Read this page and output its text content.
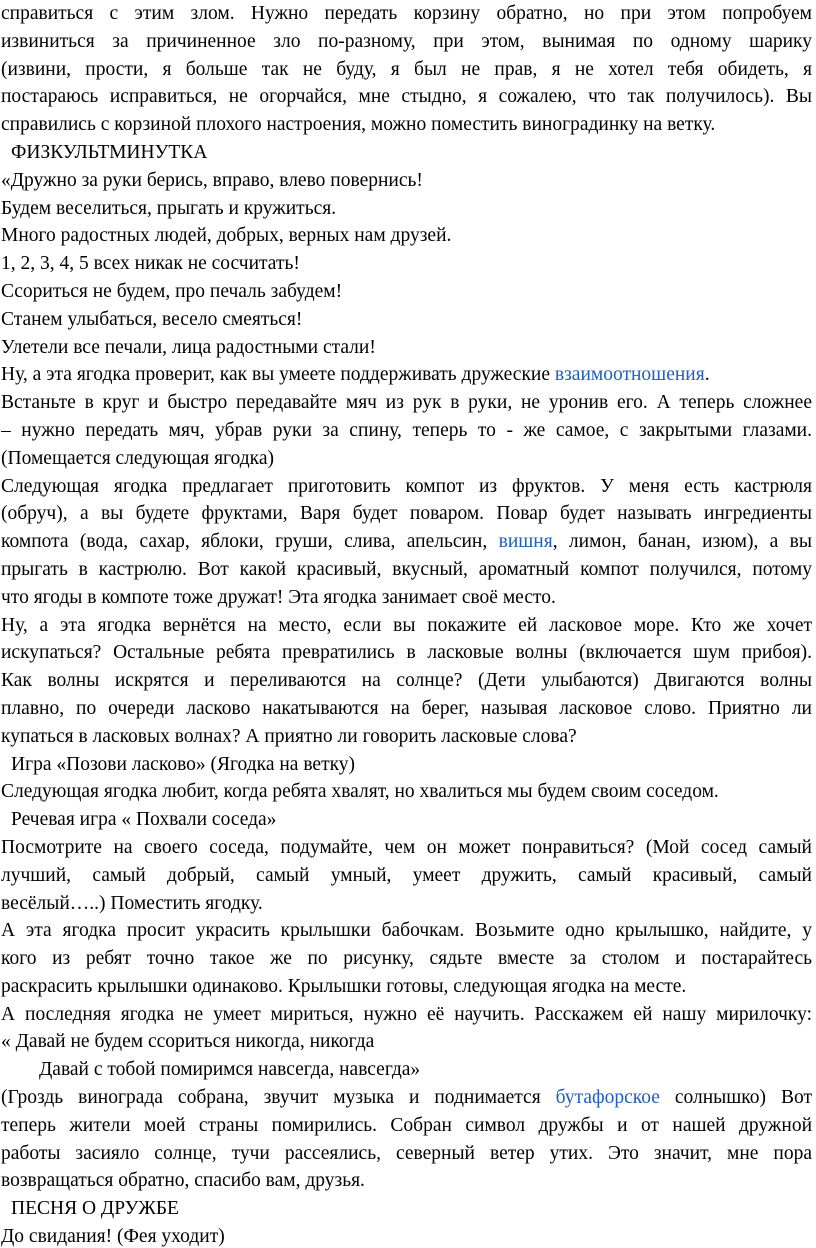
справиться с этим злом. Нужно передать корзину обратно, но при этом попробуем
извиниться за причиненное зло по-разному, при этом, вынимая по одному шарику
(извини, прости, я больше так не буду, я был не прав, я не хотел тебя обидеть, я
постараюсь исправиться, не огорчайся, мне стыдно, я сожалею, что так получилось). Вы
справились с корзиной плохого настроения, можно поместить виноградинку на ветку.
ФИЗКУЛЬТМИНУТКА
«Дружно за руки берись, вправо, влево повернись!
Будем веселиться, прыгать и кружиться.
Много радостных людей, добрых, верных нам друзей.
1, 2, 3, 4, 5 всех никак не сосчитать!
Ссориться не будем, про печаль забудем!
Станем улыбаться, весело смеяться!
Улетели все печали, лица радостными стали!
Ну, а эта ягодка проверит, как вы умеете поддерживать дружеские взаимоотношения.
Встаньте в круг и быстро передавайте мяч из рук в руки, не уронив его. А теперь сложнее
– нужно передать мяч, убрав руки за спину, теперь то - же самое, с закрытыми глазами.
(Помещается следующая ягодка)
Следующая ягодка предлагает приготовить компот из фруктов. У меня есть кастрюля
(обруч), а вы будете фруктами, Варя будет поваром. Повар будет называть ингредиенты
компота (вода, сахар, яблоки, груши, слива, апельсин, вишня, лимон, банан, изюм), а вы
прыгать в кастрюлю. Вот какой красивый, вкусный, ароматный компот получился, потому
что ягоды в компоте тоже дружат! Эта ягодка занимает своё место.
Ну, а эта ягодка вернётся на место, если вы покажите ей ласковое море. Кто же хочет
искупаться? Остальные ребята превратились в ласковые волны (включается шум прибоя).
Как волны искрятся и переливаются на солнце? (Дети улыбаются) Двигаются волны
плавно, по очереди ласково накатываются на берег, называя ласковое слово. Приятно ли
купаться в ласковых волнах? А приятно ли говорить ласковые слова?
Игра «Позови ласково» (Ягодка на ветку)
Следующая ягодка любит, когда ребята хвалят, но хвалиться мы будем своим соседом.
Речевая игра « Похвали соседа»
Посмотрите на своего соседа, подумайте, чем он может понравиться? (Мой сосед самый
лучший, самый добрый, самый умный, умеет дружить, самый красивый, самый
весёлый…..) Поместить ягодку.
А эта ягодка просит украсить крылышки бабочкам. Возьмите одно крылышко, найдите, у
кого из ребят точно такое же по рисунку, сядьте вместе за столом и постарайтесь
раскрасить крылышки одинаково. Крылышки готовы, следующая ягодка на месте.
А последняя ягодка не умеет мириться, нужно её научить. Расскажем ей нашу мирилочку:
« Давай не будем ссориться никогда, никогда
Давай с тобой помиримся навсегда, навсегда»
(Гроздь винограда собрана, звучит музыка и поднимается бутафорское солнышко) Вот
теперь жители моей страны помирились. Собран символ дружбы и от нашей дружной
работы засияло солнце, тучи рассеялись, северный ветер утих. Это значит, мне пора
возвращаться обратно, спасибо вам, друзья.
ПЕСНЯ О ДРУЖБЕ
До свидания! (Фея уходит)
